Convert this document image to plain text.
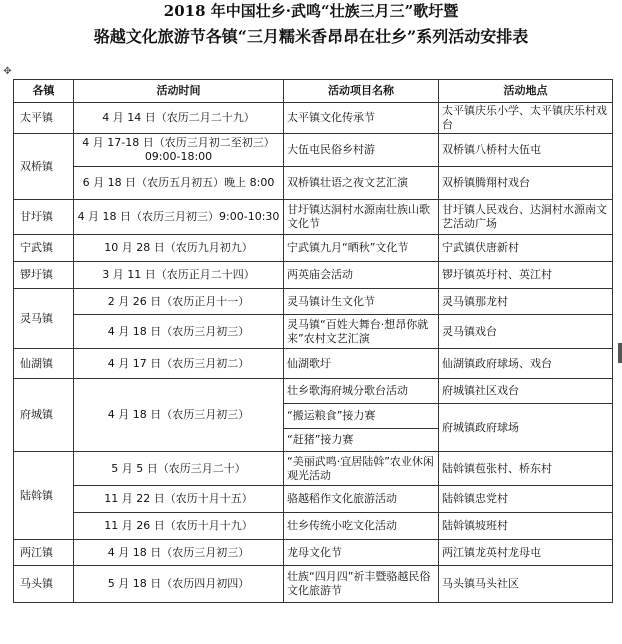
2018 年中国壮乡·武鸣“壮族三月三”歌圩暨
骆越文化旅游节各镇“三月糯米香昂昂在壮乡”系列活动安排表
✥
各镇	活动时间	活动项目名称	活动地点
太平镇	4 月 14 日（农历二月二十九）	太平镇文化传承节	太平镇庆乐小学、太平镇庆乐村戏台
双桥镇	4 月 17-18 日（农历三月初二至初三）09:00-18:00	大伍屯民俗乡村游	双桥镇八桥村大伍屯
	6 月 18 日（农历五月初五）晚上 8:00	双桥镇壮语之夜文艺汇演	双桥镇腾翔村戏台
甘圩镇	4 月 18 日（农历三月初三）9:00-10:30	甘圩镇达洞村水源南壮族山歌文化节	甘圩镇人民戏台、达洞村水源南文艺活动广场
宁武镇	10 月 28 日（农历九月初九）	宁武镇九月“晒秋”文化节	宁武镇伏唐新村
锣圩镇	3 月 11 日（农历正月二十四）	两英庙会活动	锣圩镇英圩村、英江村
灵马镇	2 月 26 日（农历正月十一）	灵马镇计生文化节	灵马镇那龙村
	4 月 18 日（农历三月初三）	灵马镇“百姓大舞台·想昂你就来”农村文艺汇演	灵马镇戏台
仙湖镇	4 月 17 日（农历三月初二）	仙湖歌圩	仙湖镇政府球场、戏台
府城镇	4 月 18 日（农历三月初三）	壮乡歌海府城分歌台活动	府城镇社区戏台
		“搬运粮食”接力赛	府城镇政府球场
		“赶猪”接力赛	
陆斡镇	5 月 5 日（农历三月二十）	“美丽武鸣·宜居陆斡”农业休闲观光活动	陆斡镇苞张村、桥东村
	11 月 22 日（农历十月十五）	骆越稻作文化旅游活动	陆斡镇忠党村
	11 月 26 日（农历十月十九）	壮乡传统小吃文化活动	陆斡镇坡班村
两江镇	4 月 18 日（农历三月初三）	龙母文化节	两江镇龙英村龙母屯
马头镇	5 月 18 日（农历四月初四）	壮族“四月四”祈丰暨骆越民俗文化旅游节	马头镇马头社区
